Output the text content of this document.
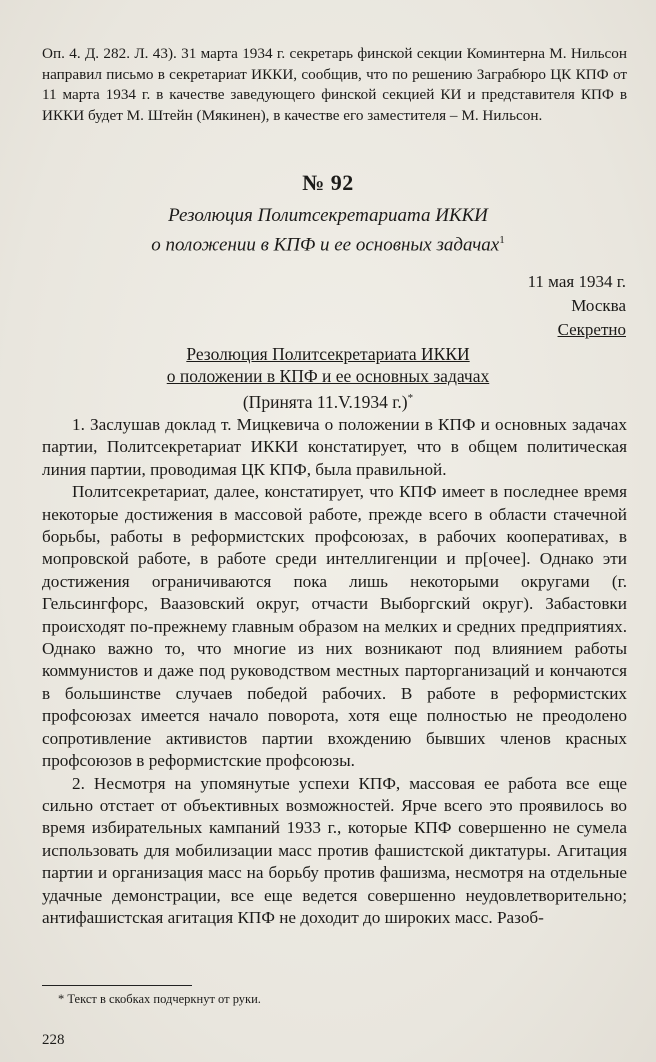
Оп. 4. Д. 282. Л. 43). 31 марта 1934 г. секретарь финской секции Коминтерна М. Нильсон направил письмо в секретариат ИККИ, сообщив, что по решению Заграбюро ЦК КПФ от 11 марта 1934 г. в качестве заведующего финской секцией КИ и представителя КПФ в ИККИ будет М. Штейн (Мякинен), в качестве его заместителя – М. Нильсон.

№ 92
Резолюция Политсекретариата ИККИ
о положении в КПФ и ее основных задачах$^1$
11 мая 1934 г.
Москва
Секретно
Резолюция Политсекретариата ИККИ
о положении в КПФ и ее основных задачах
(Принята 11.V.1934 г.)*

1. Заслушав доклад т. Мицкевича о положении в КПФ и основных задачах партии, Политсекретариат ИККИ констатирует, что в общем политическая линия партии, проводимая ЦК КПФ, была правильной.

Политсекретариат, далее, констатирует, что КПФ имеет в последнее время некоторые достижения в массовой работе, прежде всего в области стачечной борьбы, работы в реформистских профсоюзах, в рабочих кооперативах, в мопровской работе, в работе среди интеллигенции и пр[очее]. Однако эти достижения ограничиваются пока лишь некоторыми округами (г. Гельсингфорс, Ваазовский округ, отчасти Выборгский округ). Забастовки происходят по-прежнему главным образом на мелких и средних предприятиях. Однако важно то, что многие из них возникают под влиянием работы коммунистов и даже под руководством местных парторганизаций и кончаются в большинстве случаев победой рабочих. В работе в реформистских профсоюзах имеется начало поворота, хотя еще полностью не преодолено сопротивление активистов партии вхождению бывших членов красных профсоюзов в реформистские профсоюзы.

2. Несмотря на упомянутые успехи КПФ, массовая ее работа все еще сильно отстает от объективных возможностей. Ярче всего это проявилось во время избирательных кампаний 1933 г., которые КПФ совершенно не сумела использовать для мобилизации масс против фашистской диктатуры. Агитация партии и организация масс на борьбу против фашизма, несмотря на отдельные удачные демонстрации, все еще ведется совершенно неудовлетворительно; антифашистская агитация КПФ не доходит до широких масс. Разоб-

* Текст в скобках подчеркнут от руки.
228
